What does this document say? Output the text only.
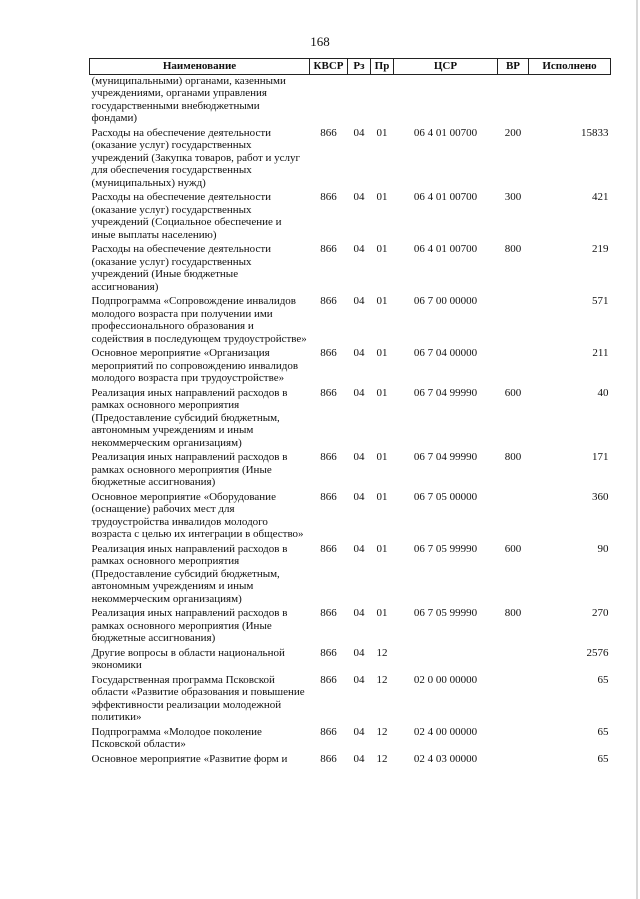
168
Наименование	КВСР	Рз	Пр	ЦСР	ВР	Исполнено
(муниципальными) органами, казенными учреждениями, органами управления государственными внебюджетными фондами)						
Расходы на обеспечение деятельности (оказание услуг) государственных учреждений (Закупка товаров, работ и услуг для обеспечения государственных (муниципальных) нужд)	866	04	01	06 4 01 00700	200	15833
Расходы на обеспечение деятельности (оказание услуг) государственных учреждений (Социальное обеспечение и иные выплаты населению)	866	04	01	06 4 01 00700	300	421
Расходы на обеспечение деятельности (оказание услуг) государственных учреждений (Иные бюджетные ассигнования)	866	04	01	06 4 01 00700	800	219
Подпрограмма «Сопровождение инвалидов молодого возраста при получении ими профессионального образования и содействия в последующем трудоустройстве»	866	04	01	06 7 00 00000		571
Основное мероприятие «Организация мероприятий по сопровождению инвалидов молодого возраста при трудоустройстве»	866	04	01	06 7 04 00000		211
Реализация иных направлений расходов в рамках основного мероприятия (Предоставление субсидий бюджетным, автономным учреждениям и иным некоммерческим организациям)	866	04	01	06 7 04 99990	600	40
Реализация иных направлений расходов в рамках основного мероприятия (Иные бюджетные ассигнования)	866	04	01	06 7 04 99990	800	171
Основное мероприятие «Оборудование (оснащение) рабочих мест для трудоустройства инвалидов молодого возраста с целью их интеграции в общество»	866	04	01	06 7 05 00000		360
Реализация иных направлений расходов в рамках основного мероприятия (Предоставление субсидий бюджетным, автономным учреждениям и иным некоммерческим организациям)	866	04	01	06 7 05 99990	600	90
Реализация иных направлений расходов в рамках основного мероприятия (Иные бюджетные ассигнования)	866	04	01	06 7 05 99990	800	270
Другие вопросы в области национальной экономики	866	04	12			2576
Государственная программа Псковской области «Развитие образования и повышение эффективности реализации молодежной политики»	866	04	12	02 0 00 00000		65
Подпрограмма «Молодое поколение Псковской области»	866	04	12	02 4 00 00000		65
Основное мероприятие «Развитие форм и	866	04	12	02 4 03 00000		65
